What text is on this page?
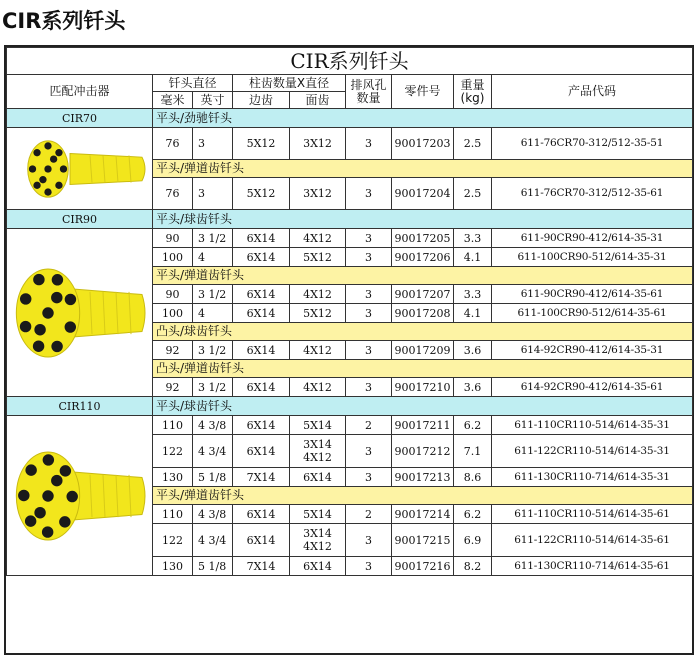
CIR系列钎头
CIR系列钎头								
匹配冲击器	钎头直径		柱齿数量X直径		排风孔
数量	零件号	重量
(kg)	产品代码
	毫米	英寸	边齿	面齿				
CIR70	平头/劲驰钎头							

	76	3	5X12	3X12	3	90017203	2.5	611-76CR70-312/512-35-51
	平头/弹道齿钎头							
	76	3	5X12	3X12	3	90017204	2.5	611-76CR70-312/512-35-61
CIR90	平头/球齿钎头							

	90	3 1/2	6X14	4X12	3	90017205	3.3	611-90CR90-412/614-35-31
	100	4	6X14	5X12	3	90017206	4.1	611-100CR90-512/614-35-31
	平头/弹道齿钎头							
	90	3 1/2	6X14	4X12	3	90017207	3.3	611-90CR90-412/614-35-61
	100	4	6X14	5X12	3	90017208	4.1	611-100CR90-512/614-35-61
	凸头/球齿钎头							
	92	3 1/2	6X14	4X12	3	90017209	3.6	614-92CR90-412/614-35-31
	凸头/弹道齿钎头							
	92	3 1/2	6X14	4X12	3	90017210	3.6	614-92CR90-412/614-35-61
CIR110	平头/球齿钎头							

	110	4 3/8	6X14	5X14	2	90017211	6.2	611-110CR110-514/614-35-31
	122	4 3/4	6X14	3X14
4X12	3	90017212	7.1	611-122CR110-514/614-35-31
	130	5 1/8	7X14	6X14	3	90017213	8.6	611-130CR110-714/614-35-31
	平头/弹道齿钎头							
	110	4 3/8	6X14	5X14	2	90017214	6.2	611-110CR110-514/614-35-61
	122	4 3/4	6X14	3X14
4X12	3	90017215	6.9	611-122CR110-514/614-35-61
	130	5 1/8	7X14	6X14	3	90017216	8.2	611-130CR110-714/614-35-61
